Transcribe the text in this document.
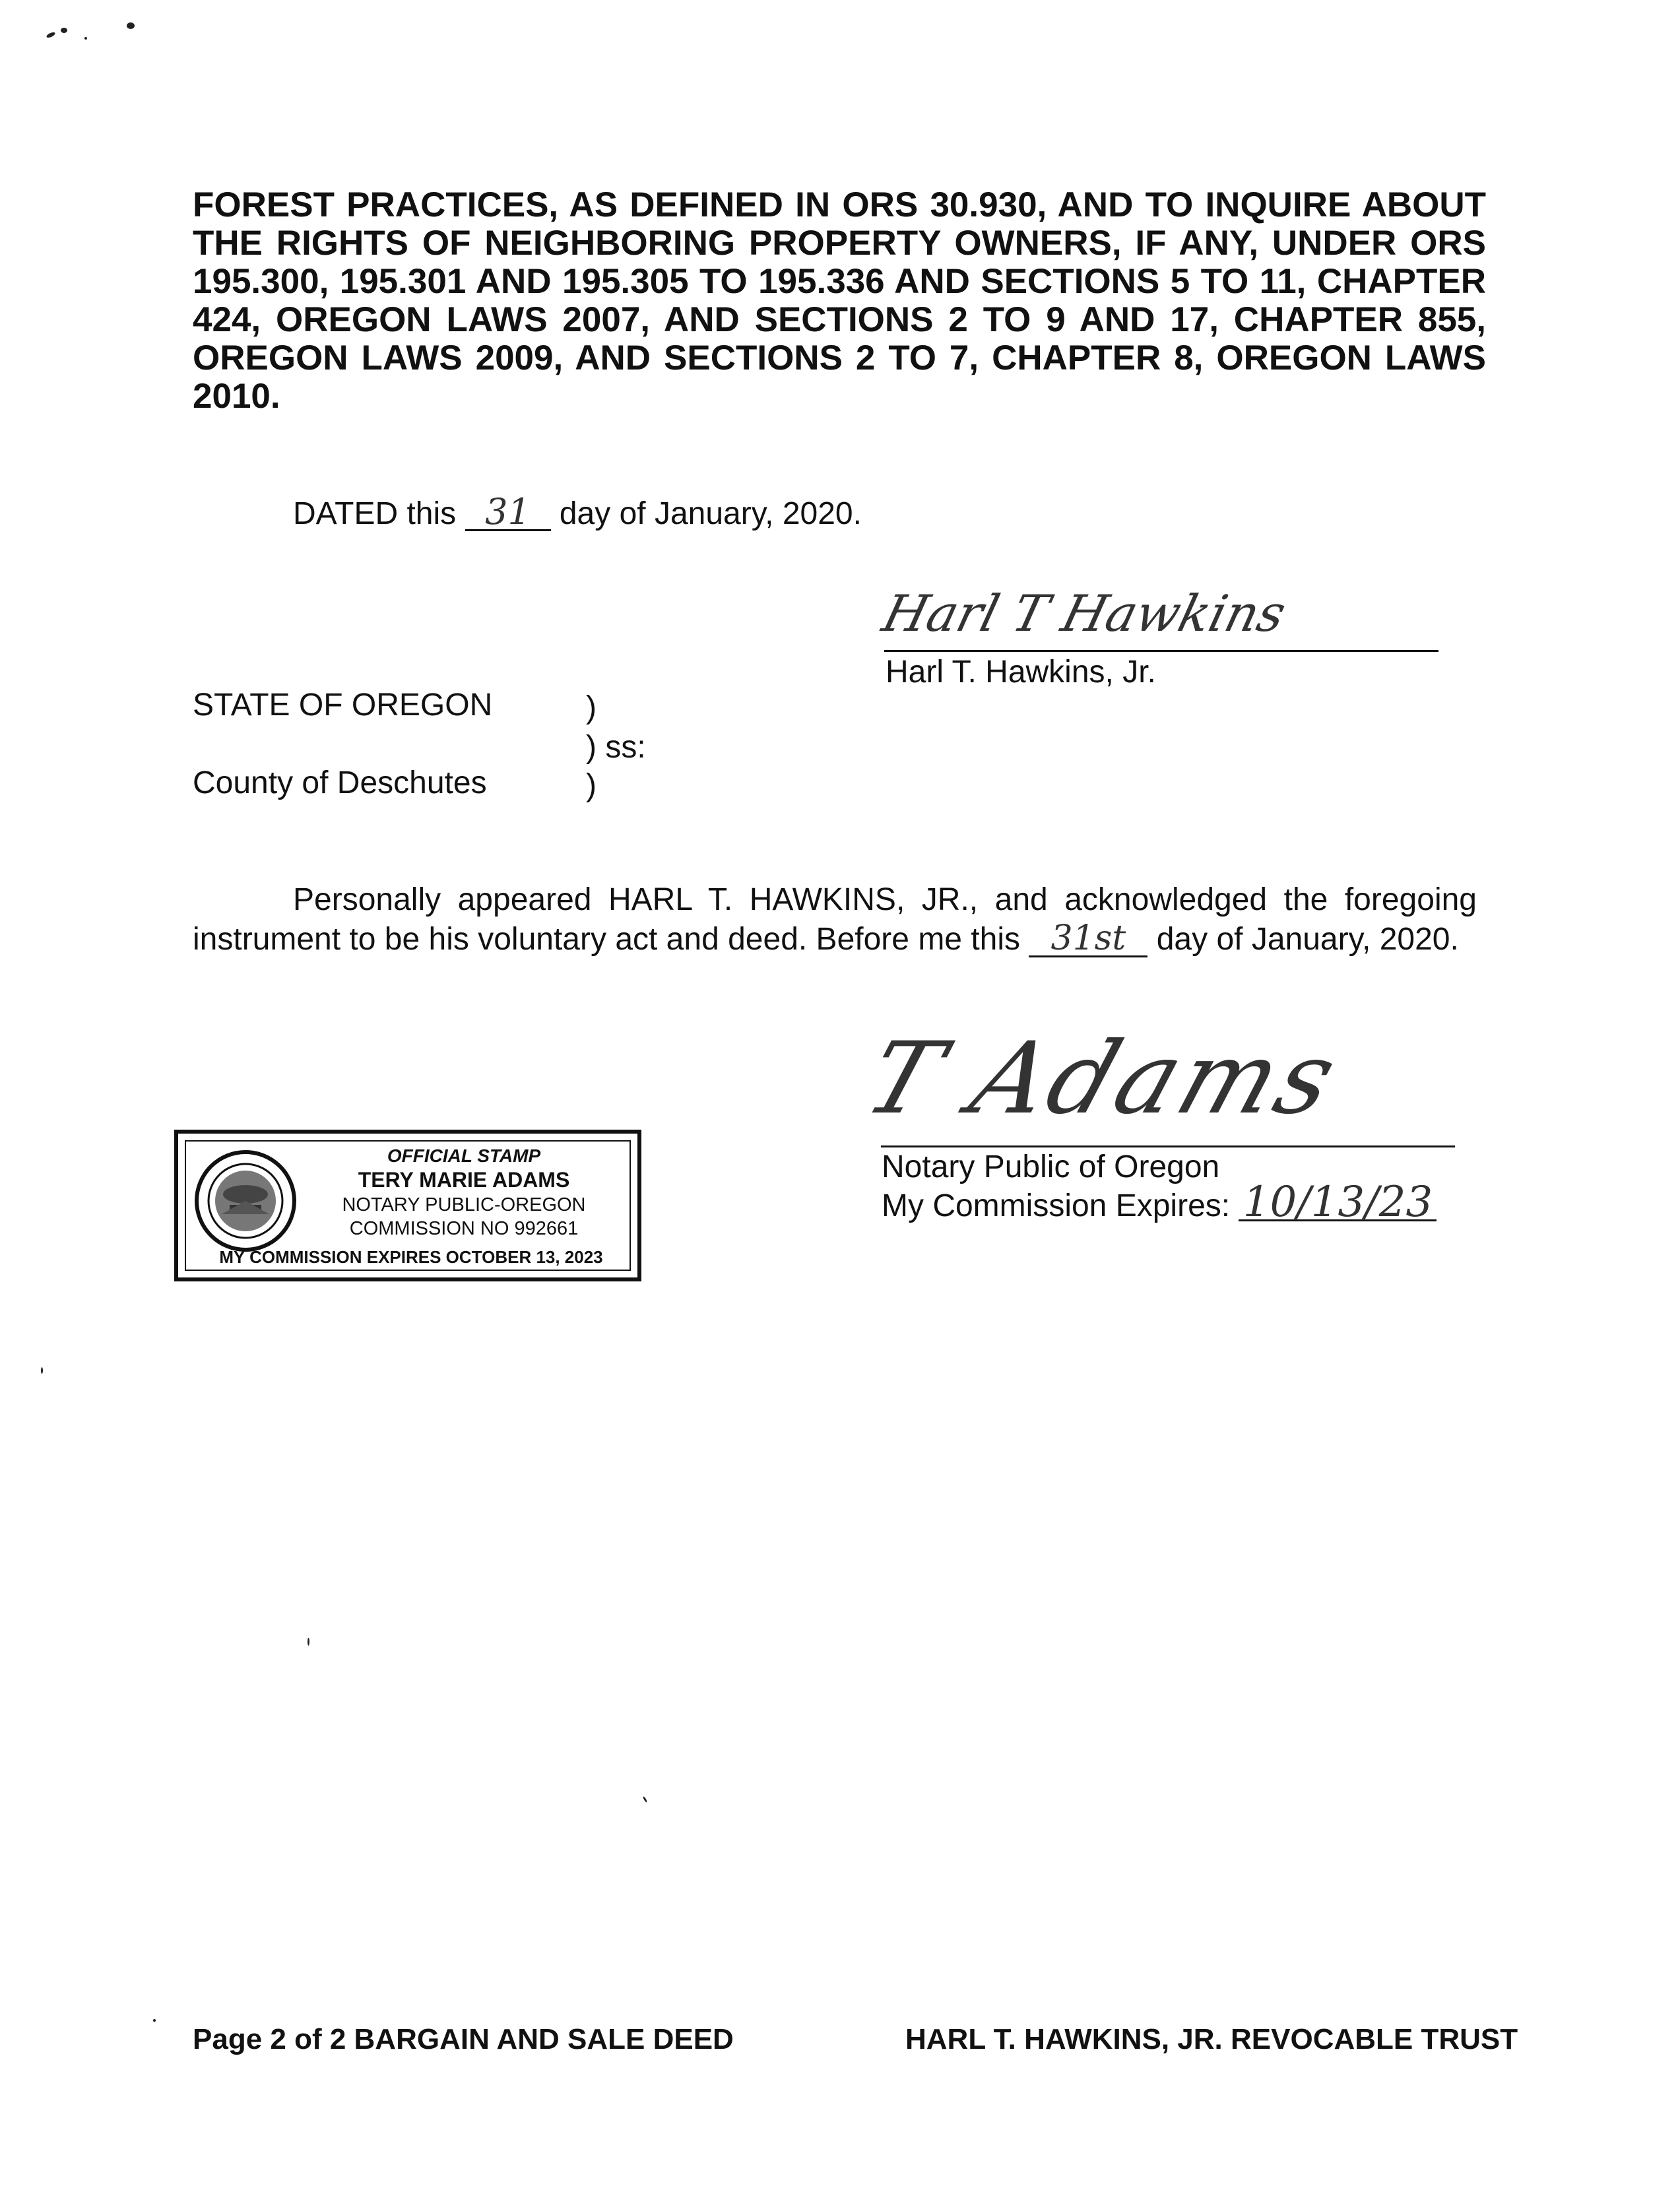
FOREST PRACTICES, AS DEFINED IN ORS 30.930, AND TO INQUIRE ABOUT THE RIGHTS OF NEIGHBORING PROPERTY OWNERS, IF ANY, UNDER ORS 195.300, 195.301 AND 195.305 TO 195.336 AND SECTIONS 5 TO 11, CHAPTER 424, OREGON LAWS 2007, AND SECTIONS 2 TO 9 AND 17, CHAPTER 855, OREGON LAWS 2009, AND SECTIONS 2 TO 7, CHAPTER 8, OREGON LAWS 2010.

DATED this 31 day of January, 2020.
Harl T Hawkins
Harl T. Hawkins, Jr.
STATE OF OREGON	)
) ss:
County of Deschutes	)

Personally appeared HARL T. HAWKINS, JR., and acknowledged the foregoing instrument to be his voluntary act and deed. Before me this 31st day of January, 2020.

OFFICIAL STAMP
TERY MARIE ADAMS
NOTARY PUBLIC-OREGON
COMMISSION NO 992661
MY COMMISSION EXPIRES OCTOBER 13, 2023
T Adams
Notary Public of Oregon
My Commission Expires: 10/13/23
Page 2 of 2 BARGAIN AND SALE DEED	HARL T. HAWKINS, JR. REVOCABLE TRUST
